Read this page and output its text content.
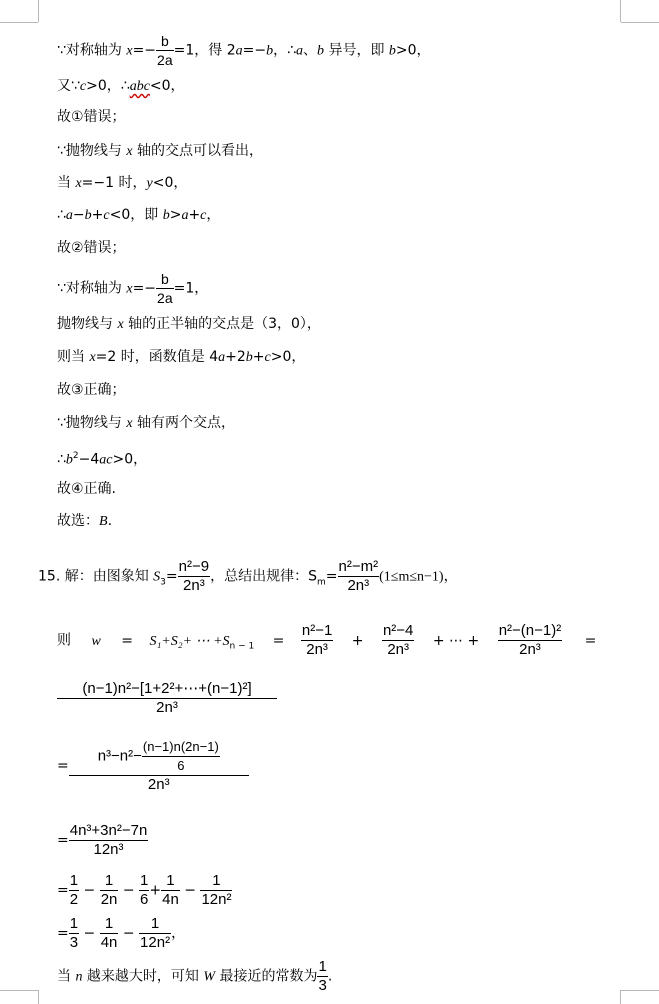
∵对称轴为 $x=- \frac{b}{2a} =1$，得 2a=−b，∴a、b 异号，即 b>0，
又∵c>0，∴abc<0，
故①错误；
∵抛物线与 x 轴的交点可以看出，
当 x=−1 时，y<0，
∴a−b+c<0，即 b>a+c，
故②错误；
∵对称轴为 $x=- \frac{b}{2a} =1$，
抛物线与 x 轴的正半轴的交点是（3，0），
则当 x=2 时，函数值是 4a+2b+c>0，
故③正确；
∵抛物线与 x 轴有两个交点，
$\therefore b^2-4ac>0$，
故④正确.
故选：B.
15. 解：由图象知 $S_3= \frac{\text{n²−9}}{\text{2n³}}$ ，总结出规律：$S_m= \frac{\text{n²−m²}}{\text{2n³}} (1\le m\le n-1)$，
则 w = S₁+S₂+ ⋯ $+S_{n - 1} = \frac{\text{n²−1}}{\text{2n³}} + \frac{\text{n²−4}}{\text{2n³}}$ + ⋯ + $\frac{\text{n²−(n−1)²}}{\text{2n³}}$ =
$\frac{\text{(n−1)n²−[1+2²+⋯+(n−1)²]}}{\text{2n³}}$
= $\frac{n^3-n^2- \frac{(n-1)n(2n-1)}{6}}{\text{2n³}}$
= $\frac{\text{4n³+3n²−7n}}{\text{12n³}}$
= $\frac{1}{2} - \frac{1}{2n} - \frac{1}{6} + \frac{1}{4n} - \frac{1}{\text{12n²}}$
= $\frac{1}{3} - \frac{1}{4n} - \frac{1}{\text{12n²}}$ ，
当 n 越来越大时，可知 W 最接近的常数为 $\frac{1}{3}$ .
